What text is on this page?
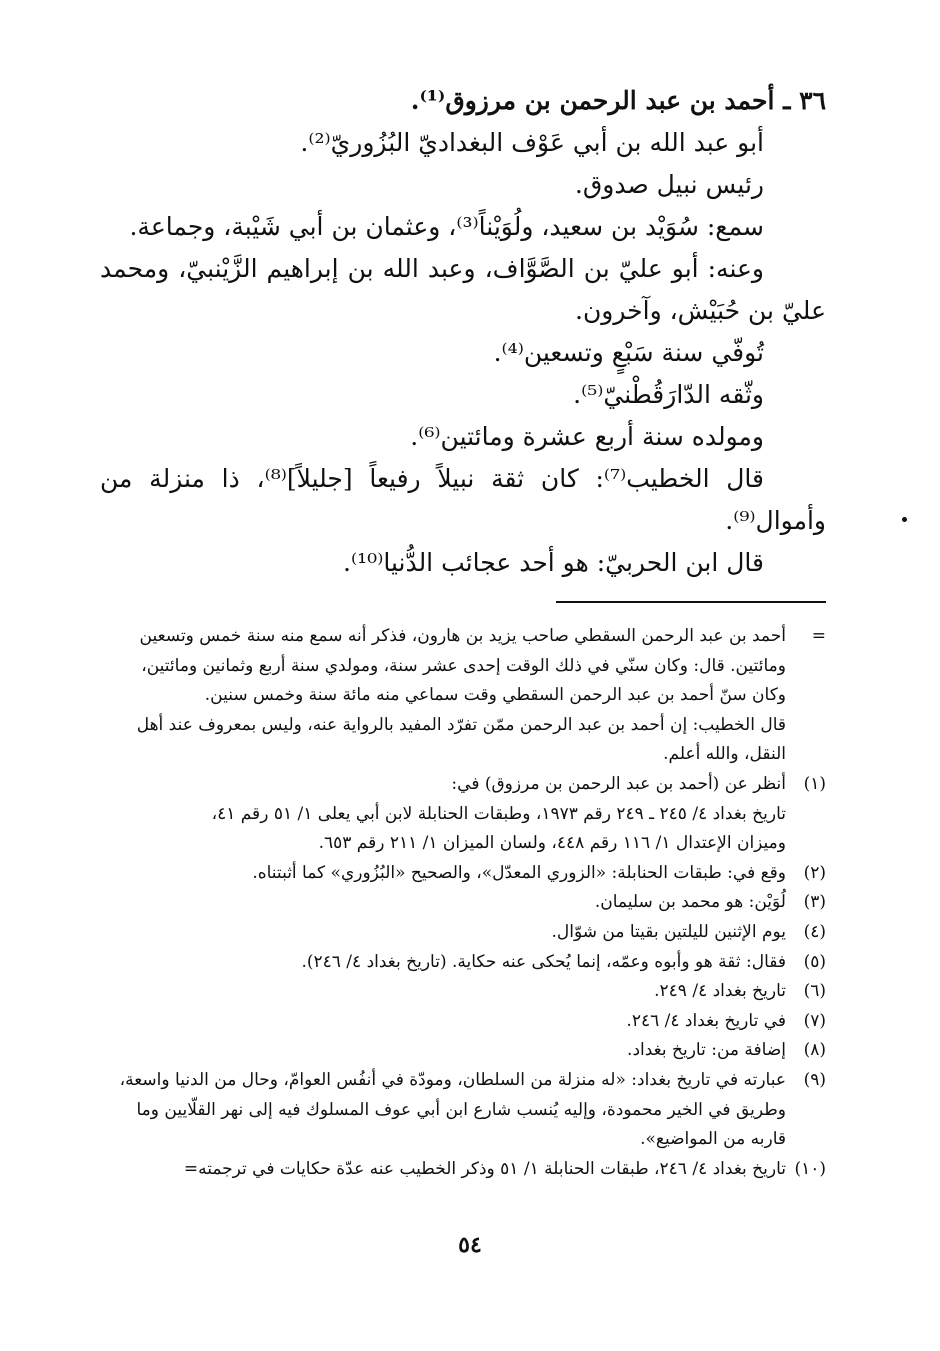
٣٦ ـ أحمد بن عبد الرحمن بن مرزوق⁽¹⁾.
أبو عبد الله بن أبي عَوْف البغداديّ البُزُوريّ⁽²⁾.
رئيس نبيل صدوق.
سمع: سُوَيْد بن سعيد، ولُوَيْناً⁽³⁾، وعثمان بن أبي شَيْبة، وجماعة.
وعنه: أبو عليّ بن الصَّوَّاف، وعبد الله بن إبراهيم الزَّيْنبيّ، ومحمد
عليّ بن حُبَيْش، وآخرون.
تُوفّي سنة سَبْعٍ وتسعين⁽⁴⁾.
وثّقه الدّارَقُطْنيّ⁽⁵⁾.
ومولده سنة أربع عشرة ومائتين⁽⁶⁾.
قال الخطيب⁽⁷⁾: كان ثقة نبيلاً رفيعاً [جليلاً]⁽⁸⁾، ذا منزلة من
وأموال⁽⁹⁾.
قال ابن الحربيّ: هو أحد عجائب الدُّنيا⁽¹⁰⁾.
=
أحمد بن عبد الرحمن السقطي صاحب يزيد بن هارون، فذكر أنه سمع منه سنة خمس وتسعين
ومائتين. قال: وكان سنّي في ذلك الوقت إحدى عشر سنة، ومولدي سنة أربع وثمانين ومائتين،
وكان سنّ أحمد بن عبد الرحمن السقطي وقت سماعي منه مائة سنة وخمس سنين.
قال الخطيب: إن أحمد بن عبد الرحمن ممّن تفرّد المفيد بالرواية عنه، وليس بمعروف عند أهل
النقل، والله أعلم.
(١)
أنظر عن (أحمد بن عبد الرحمن بن مرزوق) في:
تاريخ بغداد ٤/ ٢٤٥ ـ ٢٤٩ رقم ١٩٧٣، وطبقات الحنابلة لابن أبي يعلى ١/ ٥١ رقم ٤١،
وميزان الإعتدال ١/ ١١٦ رقم ٤٤٨، ولسان الميزان ١/ ٢١١ رقم ٦٥٣.
(٢)
وقع في: طبقات الحنابلة: «الزوري المعدّل»، والصحيح «البُزُوري» كما أثبتناه.
(٣)
لُوَيْن: هو محمد بن سليمان.
(٤)
يوم الإثنين لليلتين بقيتا من شوّال.
(٥)
فقال: ثقة هو وأبوه وعمّه، إنما يُحكى عنه حكاية. (تاريخ بغداد ٤/ ٢٤٦).
(٦)
تاريخ بغداد ٤/ ٢٤٩.
(٧)
في تاريخ بغداد ٤/ ٢٤٦.
(٨)
إضافة من: تاريخ بغداد.
(٩)
عبارته في تاريخ بغداد: «له منزلة من السلطان، ومودّة في أنفُس العوامّ، وحال من الدنيا واسعة،
وطريق في الخير محمودة، وإليه يُنسب شارع ابن أبي عوف المسلوك فيه إلى نهر القلّايين وما
قاربه من المواضيع».
(١٠)
تاريخ بغداد ٤/ ٢٤٦، طبقات الحنابلة ١/ ٥١ وذكر الخطيب عنه عدّة حكايات في ترجمته=
٥٤
